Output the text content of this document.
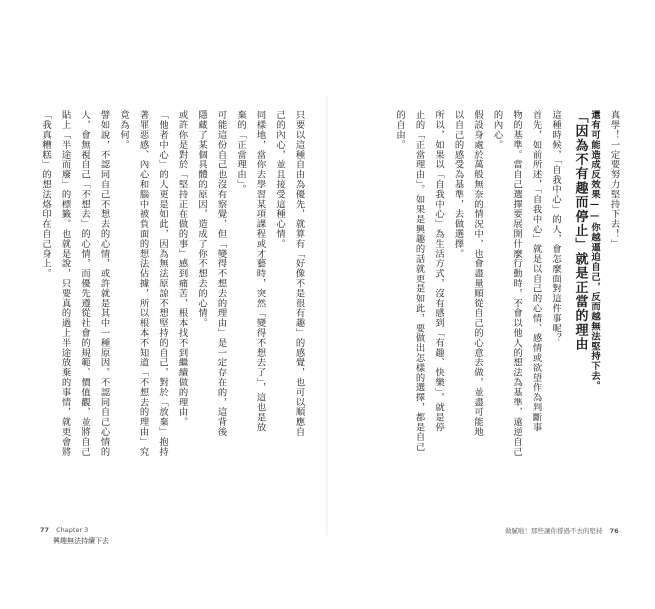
只要以這種自由為優先，就算有「好像不是很有趣」的感覺，也可以順應自
己的內心，並且接受這種心情。
同樣地，當你去學習某項課程或才藝時，突然「變得不想去了」，這也是放
棄的「正當理由」。
可能這份自己也沒有察覺，但「變得不想去的理由」是一定存在的，這背後
隱藏了某個具體的原因，造成了你不想去的心情。
或許你是對於「堅持正在做的事」感到痛苦，根本找不到繼續做的理由。
「他者中心」的人更是如此，因為無法原諒不想堅持的自己，對於「放棄」抱持
著罪惡感、內心和腦中被負面的想法佔據，所以根本不知道「不想去的理由」究
竟為何。
譬如說，不認同自己不想去的心情，或許就是其中一種原因。不認同自己心情的
人，會無視自己「不想去」的心情，而優先遵從社會的規範、價值觀，並將自己
貼上「半途而廢」的標籤。也就是說，只要真的過上半途放棄的事情，就更會將
「我真糟糕」的想法烙印在自己身上。	真學！一定要努力堅持下去！」
還有可能造成反效果——你越逼迫自己，反而越無法堅持下去。
「因為不有趣而停止」就是正當的理由
這種時候，「自我中心」的人，會怎麼面對這件事呢？
首先，如前所述，「自我中心」就是以自己的心情、感情或欲望作為判斷事
物的基準。當自己選擇要展開什麼行動時，不會以他人的想法為基準，遠逆自己
的內心。
假設身處於萬般無奈的情況中，也會盡量順從自己的心意去做，並盡可能地
以自己的感受為基準，去做選擇。
所以，如果以「自我中心」為生活方式，沒有感到「有趣、快樂」，就是停
止的「正當理由」。如果是興趣的話就更是如此，要做出怎樣的選擇，都是自己
的自由。
77 Chapter 3
興趣無法持續下去
做膩啦！那些讓你撐過不去的堅持 76
